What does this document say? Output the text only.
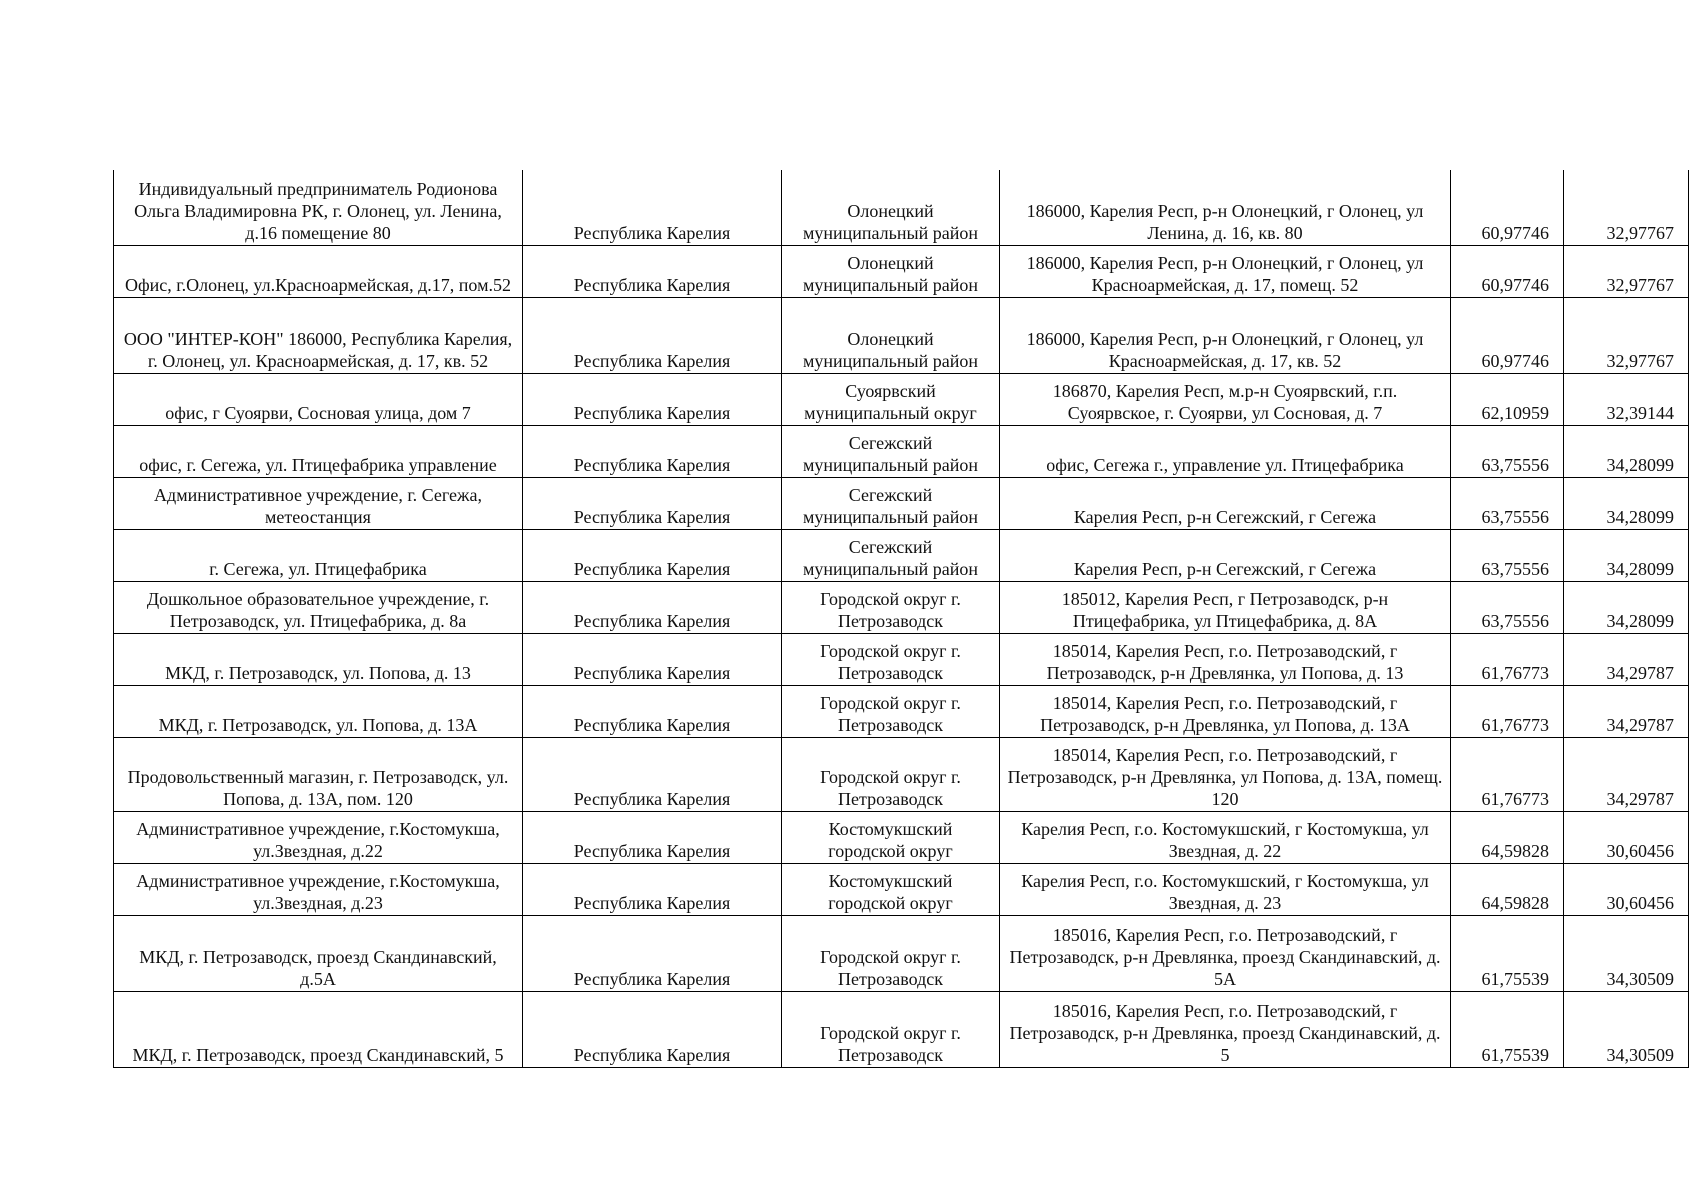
Индивидуальный предприниматель Родионова Ольга Владимировна РК, г. Олонец, ул. Ленина, д.16 помещение 80	Республика Карелия	Олонецкий муниципальный район	186000, Карелия Респ, р-н Олонецкий, г Олонец, ул Ленина, д. 16, кв. 80	60,97746	32,97767
Офис, г.Олонец, ул.Красноармейская, д.17, пом.52	Республика Карелия	Олонецкий муниципальный район	186000, Карелия Респ, р-н Олонецкий, г Олонец, ул Красноармейская, д. 17, помещ. 52	60,97746	32,97767
ООО "ИНТЕР-КОН" 186000, Республика Карелия, г. Олонец, ул. Красноармейская, д. 17, кв. 52	Республика Карелия	Олонецкий муниципальный район	186000, Карелия Респ, р-н Олонецкий, г Олонец, ул Красноармейская, д. 17, кв. 52	60,97746	32,97767
офис, г Суоярви, Сосновая улица, дом 7	Республика Карелия	Суоярвский муниципальный округ	186870, Карелия Респ, м.р-н Суоярвский, г.п. Суоярвское, г. Суоярви, ул Сосновая, д. 7	62,10959	32,39144
офис, г. Сегежа, ул. Птицефабрика управление	Республика Карелия	Сегежский муниципальный район	офис, Сегежа г., управление ул. Птицефабрика	63,75556	34,28099
Административное учреждение, г. Сегежа, метеостанция	Республика Карелия	Сегежский муниципальный район	Карелия Респ, р-н Сегежский, г Сегежа	63,75556	34,28099
г. Сегежа, ул. Птицефабрика	Республика Карелия	Сегежский муниципальный район	Карелия Респ, р-н Сегежский, г Сегежа	63,75556	34,28099
Дошкольное образовательное учреждение, г. Петрозаводск, ул. Птицефабрика, д. 8а	Республика Карелия	Городской округ г. Петрозаводск	185012, Карелия Респ, г Петрозаводск, р-н Птицефабрика, ул Птицефабрика, д. 8А	63,75556	34,28099
МКД, г. Петрозаводск, ул. Попова, д. 13	Республика Карелия	Городской округ г. Петрозаводск	185014, Карелия Респ, г.о. Петрозаводский, г Петрозаводск, р-н Древлянка, ул Попова, д. 13	61,76773	34,29787
МКД, г. Петрозаводск, ул. Попова, д. 13А	Республика Карелия	Городской округ г. Петрозаводск	185014, Карелия Респ, г.о. Петрозаводский, г Петрозаводск, р-н Древлянка, ул Попова, д. 13А	61,76773	34,29787
Продовольственный магазин, г. Петрозаводск, ул. Попова, д. 13А, пом. 120	Республика Карелия	Городской округ г. Петрозаводск	185014, Карелия Респ, г.о. Петрозаводский, г Петрозаводск, р-н Древлянка, ул Попова, д. 13А, помещ. 120	61,76773	34,29787
Административное учреждение, г.Костомукша, ул.Звездная, д.22	Республика Карелия	Костомукшский городской округ	Карелия Респ, г.о. Костомукшский, г Костомукша, ул Звездная, д. 22	64,59828	30,60456
Административное учреждение, г.Костомукша, ул.Звездная, д.23	Республика Карелия	Костомукшский городской округ	Карелия Респ, г.о. Костомукшский, г Костомукша, ул Звездная, д. 23	64,59828	30,60456
МКД, г. Петрозаводск, проезд Скандинавский, д.5А	Республика Карелия	Городской округ г. Петрозаводск	185016, Карелия Респ, г.о. Петрозаводский, г Петрозаводск, р-н Древлянка, проезд Скандинавский, д. 5А	61,75539	34,30509
МКД, г. Петрозаводск, проезд Скандинавский, 5	Республика Карелия	Городской округ г. Петрозаводск	185016, Карелия Респ, г.о. Петрозаводский, г Петрозаводск, р-н Древлянка, проезд Скандинавский, д. 5	61,75539	34,30509
